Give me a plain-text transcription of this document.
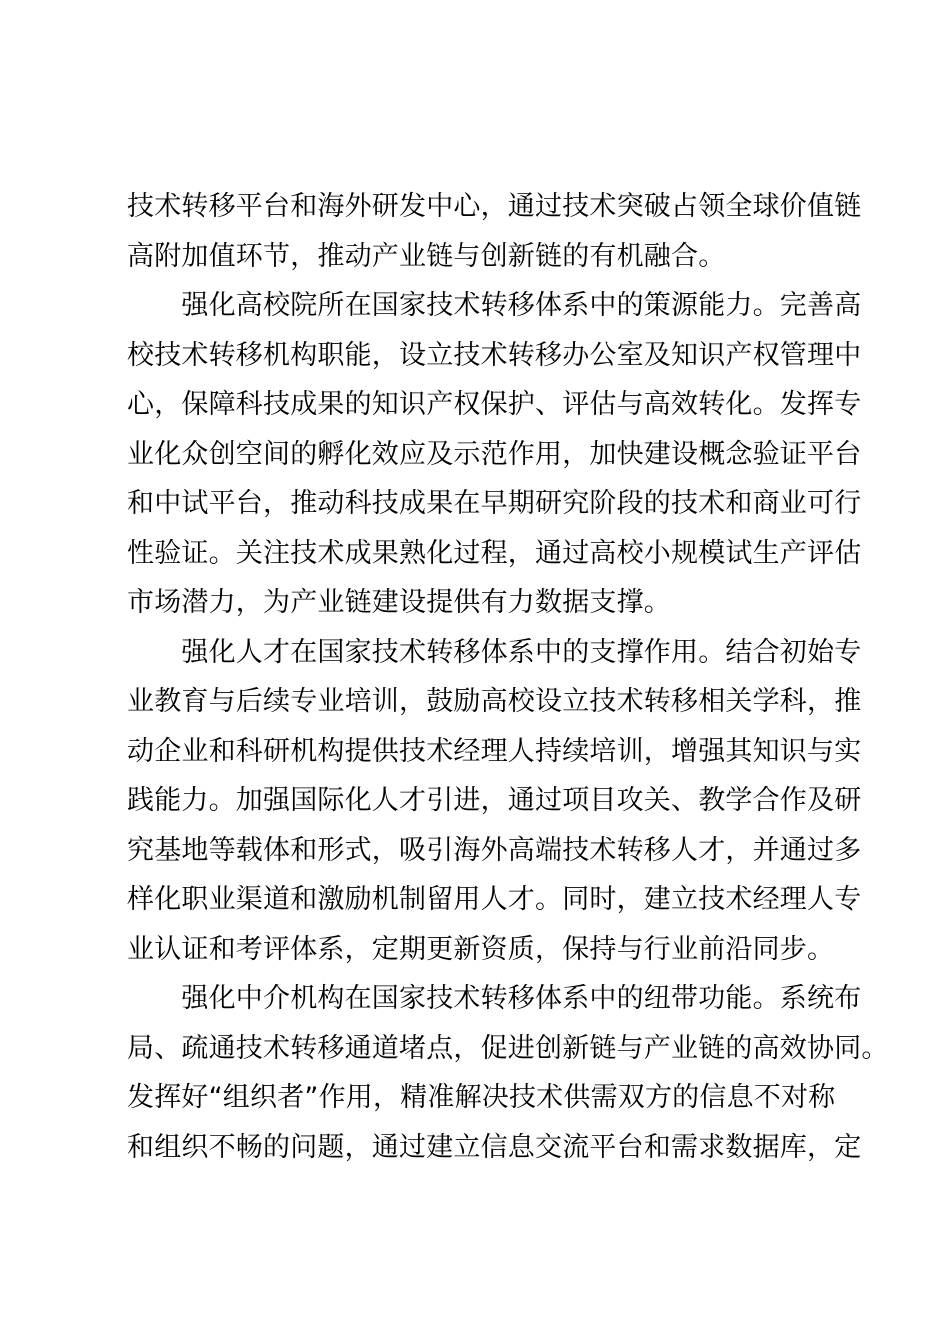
技术转移平台和海外研发中心，通过技术突破占领全球价值链
高附加值环节，推动产业链与创新链的有机融合。
　　强化高校院所在国家技术转移体系中的策源能力。完善高
校技术转移机构职能，设立技术转移办公室及知识产权管理中
心，保障科技成果的知识产权保护、评估与高效转化。发挥专
业化众创空间的孵化效应及示范作用，加快建设概念验证平台
和中试平台，推动科技成果在早期研究阶段的技术和商业可行
性验证。关注技术成果熟化过程，通过高校小规模试生产评估
市场潜力，为产业链建设提供有力数据支撑。
　　强化人才在国家技术转移体系中的支撑作用。结合初始专
业教育与后续专业培训，鼓励高校设立技术转移相关学科，推
动企业和科研机构提供技术经理人持续培训，增强其知识与实
践能力。加强国际化人才引进，通过项目攻关、教学合作及研
究基地等载体和形式，吸引海外高端技术转移人才，并通过多
样化职业渠道和激励机制留用人才。同时，建立技术经理人专
业认证和考评体系，定期更新资质，保持与行业前沿同步。
　　强化中介机构在国家技术转移体系中的纽带功能。系统布
局、疏通技术转移通道堵点，促进创新链与产业链的高效协同。
发挥好“组织者”作用，精准解决技术供需双方的信息不对称
和组织不畅的问题，通过建立信息交流平台和需求数据库，定
